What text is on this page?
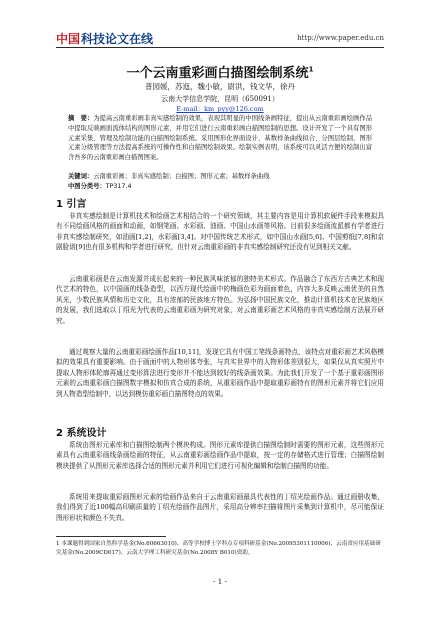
中国 科技论文在线	http://www.paper.edu.cn
一个云南重彩画白描图绘制系统$^1$
普园媛，苏迤，魏小敏，尉洪，钱文华，徐丹
云南大学信息学院，昆明（650091）
E-mail：km_pyy@126.com
摘　要：为提高云南重彩画非真实感绘制的效果，表现其明显的中国线条画特征，提出从云南重彩画绘画作品中提取反映画面流体结构的图形元素，并用它们进行云南重彩画白描图绘制的思想。设计开发了一个具有图形元素采集、管理及绘制功能的白描图绘制系统。采用图形化界面设计、基数样条曲线拟合、分图层绘制、图形元素分级管理等方法提高系统的可操作性和白描图绘制效果。绘制实例表明，该系统可以灵活方便的绘制出富含吾乡的云南重彩画白描图图案。
关键词：云南重彩画；非真实感绘制；白描图；图形元素；基数样条曲线
中图分类号：TP317.4
1 引言
非真实感绘制是计算机技术和绘画艺术相结合的一个研究领域，其主要内容是用计算机软硬件手段来模拟具有不同绘画风格的画面和动画，如钢笔画、水彩画、油画、中国山水画等风格。目前很多绘画流派都有学者进行非真实感绘制研究，如油画[1,2]，水彩画[3,4]。对中国传统艺术形式，如中国山水画[5,6]、中国剪纸[7,8]和京剧脸谱[9]也有很多机构和学者进行研究，但针对云南重彩画的非真实感绘制研究还没有见到相关文献。
云南重彩画是在云南发源并成长起来的一种民族风味浓郁的独特美术形式。作品融合了东西方古典艺术和现代艺术的特色，以中国画的线条造型，以西方现代绘画中的梅画色彩为画面着色，内容大多反映云南优美的自然风光，少数民族风情和历史文化，具有浓郁的民族地方特色。为弘扬中国民族文化，推动计算机技术在民族地区的发展，我们选取以丁绍光为代表的云南重彩画为研究对象，对云南重彩画艺术风格的非真实感绘制方法展开研究。
通过观察大量的云南重彩画绘画作品[10,11]，发现它具有中国工笔线条画特点，该特点对重彩画艺术风格模拟的效果具有重要影响。由于画面中的人物形体夸张，与真实世界中的人物形体差别很大，如果仅从真实照片中提取人物形体轮廓再通过变形算法进行变形并不能达到较好的线条画效果。为此我们开发了一个基于重彩画图形元素的云南重彩画白描图数字模拟和仿真合成的系统，从重彩画作品中提取重彩画特有的图形元素并将它们应用到人物造型绘制中，以达到模仿重彩画白描图特点的效果。
2 系统设计
系统由图形元素库和白描图绘制两个模块构成。图形元素库提供白描图绘制时需要的图形元素，这些图形元素具有云南重彩画线条画绘画的特征，从云南重彩画绘画作品中提取，按一定的存储格式进行管理；白描图绘制模块提供了从图形元素库选择合适的图形元素并利用它们进行可视化编辑和绘制白描图的功能。
系统用来提取重彩画图形元素的绘画作品来自于云南重彩画最具代表性的丁绍光绘画作品。通过画册收集，我们得到了近100幅高印刷质量的丁绍光绘画作品图片，采用高分辨率扫描将图片采集到计算机中，尽可能保证图形形状和颜色不失真。
1 本课题得到国家自然科学基金(No.60663010)、高等学校博士学科点专项科研基金(No.20095301110006)、云南省应用基础研究基金(No.2009CD017)、云南大学理工科研究基金(No.2008Y B010)资助。
- 1 -
